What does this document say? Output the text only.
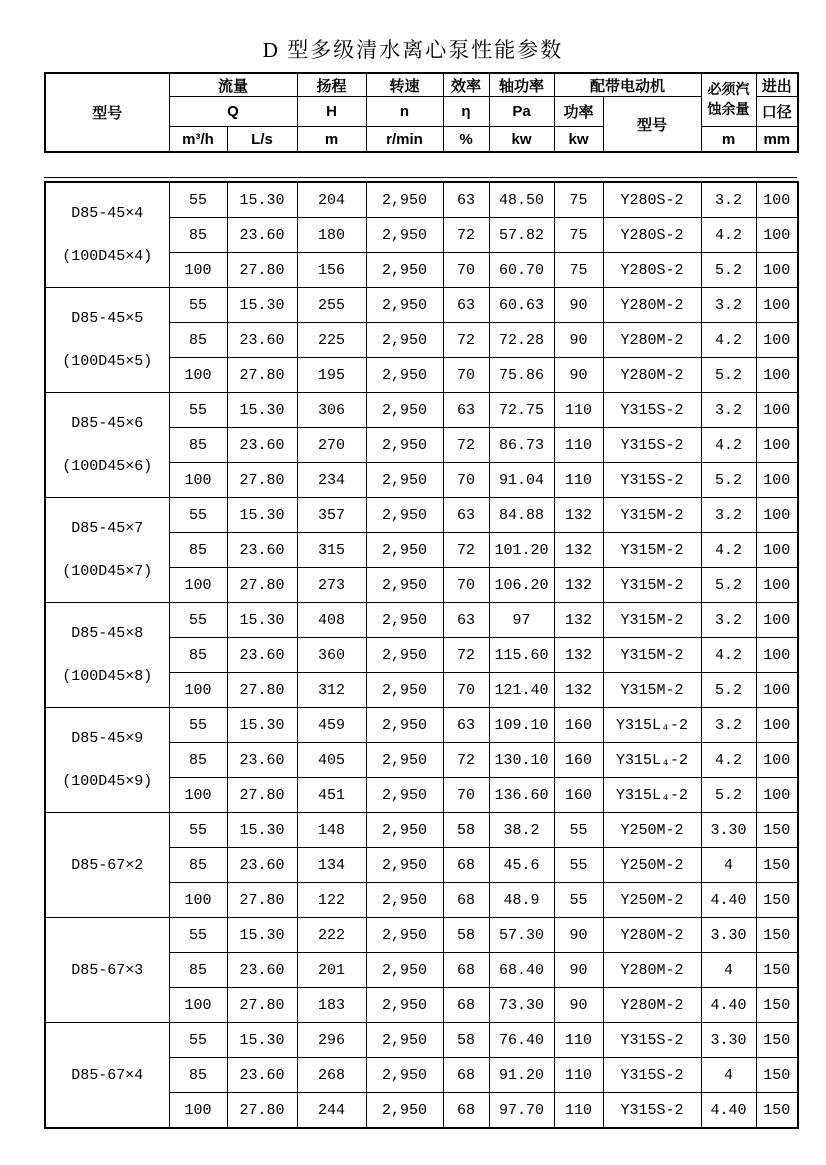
D 型多级清水离心泵性能参数
型号	流量		扬程	转速	效率	轴功率	配带电动机		必须汽蚀余量	进出
	Q		H	n	η	Pa	功率	型号		口径
	m³/h	L/s	m	r/min	%	kw	kw		m	mm
D85-45×4
(100D45×4)	55	15.30	204	2,950	63	48.50	75	Y280S-2	3.2	100
	85	23.60	180	2,950	72	57.82	75	Y280S-2	4.2	100
	100	27.80	156	2,950	70	60.70	75	Y280S-2	5.2	100

D85-45×5
(100D45×5)	55	15.30	255	2,950	63	60.63	90	Y280M-2	3.2	100
	85	23.60	225	2,950	72	72.28	90	Y280M-2	4.2	100
	100	27.80	195	2,950	70	75.86	90	Y280M-2	5.2	100

D85-45×6
(100D45×6)	55	15.30	306	2,950	63	72.75	110	Y315S-2	3.2	100
	85	23.60	270	2,950	72	86.73	110	Y315S-2	4.2	100
	100	27.80	234	2,950	70	91.04	110	Y315S-2	5.2	100

D85-45×7
(100D45×7)	55	15.30	357	2,950	63	84.88	132	Y315M-2	3.2	100
	85	23.60	315	2,950	72	101.20	132	Y315M-2	4.2	100
	100	27.80	273	2,950	70	106.20	132	Y315M-2	5.2	100

D85-45×8
(100D45×8)	55	15.30	408	2,950	63	97	132	Y315M-2	3.2	100
	85	23.60	360	2,950	72	115.60	132	Y315M-2	4.2	100
	100	27.80	312	2,950	70	121.40	132	Y315M-2	5.2	100

D85-45×9
(100D45×9)	55	15.30	459	2,950	63	109.10	160	Y315L₄-2	3.2	100
	85	23.60	405	2,950	72	130.10	160	Y315L₄-2	4.2	100
	100	27.80	451	2,950	70	136.60	160	Y315L₄-2	5.2	100

D85-67×2	55	15.30	148	2,950	58	38.2	55	Y250M-2	3.30	150
	85	23.60	134	2,950	68	45.6	55	Y250M-2	4	150
	100	27.80	122	2,950	68	48.9	55	Y250M-2	4.40	150

D85-67×3	55	15.30	222	2,950	58	57.30	90	Y280M-2	3.30	150
	85	23.60	201	2,950	68	68.40	90	Y280M-2	4	150
	100	27.80	183	2,950	68	73.30	90	Y280M-2	4.40	150

D85-67×4	55	15.30	296	2,950	58	76.40	110	Y315S-2	3.30	150
	85	23.60	268	2,950	68	91.20	110	Y315S-2	4	150
	100	27.80	244	2,950	68	97.70	110	Y315S-2	4.40	150
